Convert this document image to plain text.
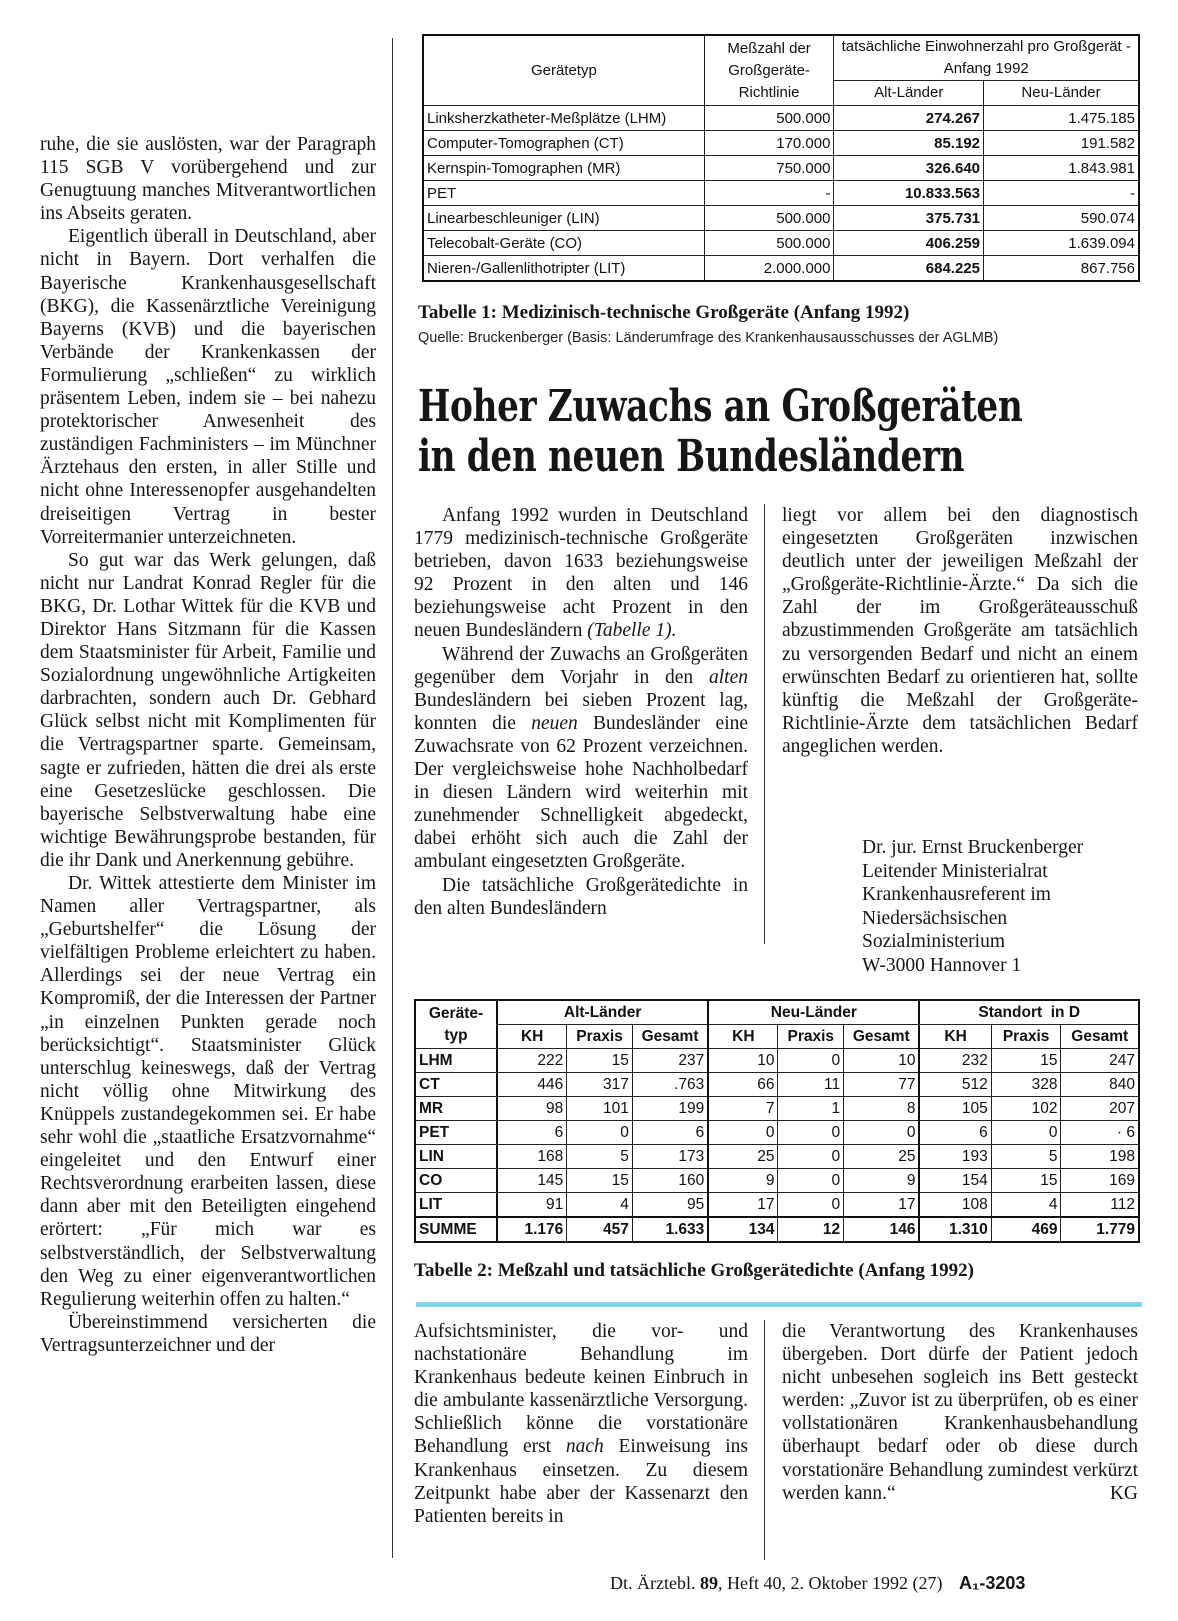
ruhe, die sie auslösten, war der Paragraph 115 SGB V vorübergehend und zur Genugtuung manches Mitverantwortlichen ins Abseits geraten.

Eigentlich überall in Deutschland, aber nicht in Bayern. Dort verhalfen die Bayerische Krankenhausgesellschaft (BKG), die Kassenärztliche Vereinigung Bayerns (KVB) und die bayerischen Verbände der Krankenkassen der Formulierung „schließen“ zu wirklich präsentem Leben, indem sie – bei nahezu protektorischer Anwesenheit des zuständigen Fachministers – im Münchner Ärztehaus den ersten, in aller Stille und nicht ohne Interessenopfer ausgehandelten dreiseitigen Vertrag in bester Vorreitermanier unterzeichneten.

So gut war das Werk gelungen, daß nicht nur Landrat Konrad Regler für die BKG, Dr. Lothar Wittek für die KVB und Direktor Hans Sitzmann für die Kassen dem Staatsminister für Arbeit, Familie und Sozialordnung ungewöhnliche Artigkeiten darbrachten, sondern auch Dr. Gebhard Glück selbst nicht mit Komplimenten für die Vertragspartner sparte. Gemeinsam, sagte er zufrieden, hätten die drei als erste eine Gesetzeslücke geschlossen. Die bayerische Selbstverwaltung habe eine wichtige Bewährungsprobe bestanden, für die ihr Dank und Anerkennung gebühre.

Dr. Wittek attestierte dem Minister im Namen aller Vertragspartner, als „Geburtshelfer“ die Lösung der vielfältigen Probleme erleichtert zu haben. Allerdings sei der neue Vertrag ein Kompromiß, der die Interessen der Partner „in einzelnen Punkten gerade noch berücksichtigt“. Staatsminister Glück unterschlug keineswegs, daß der Vertrag nicht völlig ohne Mitwirkung des Knüppels zustandegekommen sei. Er habe sehr wohl die „staatliche Ersatzvornahme“ eingeleitet und den Entwurf einer Rechtsverordnung erarbeiten lassen, diese dann aber mit den Beteiligten eingehend erörtert: „Für mich war es selbstverständlich, der Selbstverwaltung den Weg zu einer eigenverantwortlichen Regulierung weiterhin offen zu halten.“

Übereinstimmend versicherten die Vertragsunterzeichner und der

Gerätetyp	Meßzahl der Großgeräte-Richtlinie	tatsächliche Einwohnerzahl pro Großgerät - Anfang 1992	
		Alt-Länder	Neu-Länder
Linksherzkatheter-Meßplätze (LHM)	500.000	274.267	1.475.185
Computer-Tomographen (CT)	170.000	85.192	191.582
Kernspin-Tomographen (MR)	750.000	326.640	1.843.981
PET	-	10.833.563	-
Linearbeschleuniger (LIN)	500.000	375.731	590.074
Telecobalt-Geräte (CO)	500.000	406.259	1.639.094
Nieren-/Gallenlithotripter (LIT)	2.000.000	684.225	867.756
Tabelle 1: Medizinisch-technische Großgeräte (Anfang 1992)
Quelle: Bruckenberger (Basis: Länderumfrage des Krankenhausausschusses der AGLMB)
Hoher Zuwachs an Großgeräten
in den neuen Bundesländern

Anfang 1992 wurden in Deutschland 1779 medizinisch-technische Großgeräte betrieben, davon 1633 beziehungsweise 92 Prozent in den alten und 146 beziehungsweise acht Prozent in den neuen Bundesländern (Tabelle 1).

Während der Zuwachs an Großgeräten gegenüber dem Vorjahr in den alten Bundesländern bei sieben Prozent lag, konnten die neuen Bundesländer eine Zuwachsrate von 62 Prozent verzeichnen. Der vergleichsweise hohe Nachholbedarf in diesen Ländern wird weiterhin mit zunehmender Schnelligkeit abgedeckt, dabei erhöht sich auch die Zahl der ambulant eingesetzten Großgeräte.

Die tatsächliche Großgerätedichte in den alten Bundesländern

liegt vor allem bei den diagnostisch eingesetzten Großgeräten inzwischen deutlich unter der jeweiligen Meßzahl der „Großgeräte-Richtlinie-Ärzte.“ Da sich die Zahl der im Großgeräteausschuß abzustimmenden Großgeräte am tatsächlich zu versorgenden Bedarf und nicht an einem erwünschten Bedarf zu orientieren hat, sollte künftig die Meßzahl der Großgeräte-Richtlinie-Ärzte dem tatsächlichen Bedarf angeglichen werden.

Dr. jur. Ernst Bruckenberger
Leitender Ministerialrat
Krankenhausreferent im
Niedersächsischen
Sozialministerium
W-3000 Hannover 1
Geräte-typ	Alt-Länder			Neu-Länder			Standort  in D		
	KH	Praxis	Gesamt	KH	Praxis	Gesamt	KH	Praxis	Gesamt
LHM	222	15	237	10	0	10	232	15	247
CT	446	317	.763	66	11	77	512	328	840
MR	98	101	199	7	1	8	105	102	207
PET	6	0	6	0	0	0	6	0	· 6
LIN	168	5	173	25	0	25	193	5	198
CO	145	15	160	9	0	9	154	15	169
LIT	91	4	95	17	0	17	108	4	112
SUMME	1.176	457	1.633	134	12	146	1.310	469	1.779
Tabelle 2: Meßzahl und tatsächliche Großgerätedichte (Anfang 1992)

Aufsichtsminister, die vor- und nachstationäre Behandlung im Krankenhaus bedeute keinen Einbruch in die ambulante kassenärztliche Versorgung. Schließlich könne die vorstationäre Behandlung erst nach Einweisung ins Krankenhaus einsetzen. Zu diesem Zeitpunkt habe aber der Kassenarzt den Patienten bereits in

die Verantwortung des Krankenhauses übergeben. Dort dürfe der Patient jedoch nicht unbesehen sogleich ins Bett gesteckt werden: „Zuvor ist zu überprüfen, ob es einer vollstationären Krankenhausbehandlung überhaupt bedarf oder ob diese durch vorstationäre Behandlung zumindest verkürzt werden kann.“	KG

Dt. Ärztebl. 89, Heft 40, 2. Oktober 1992 (27) A₁-3203
